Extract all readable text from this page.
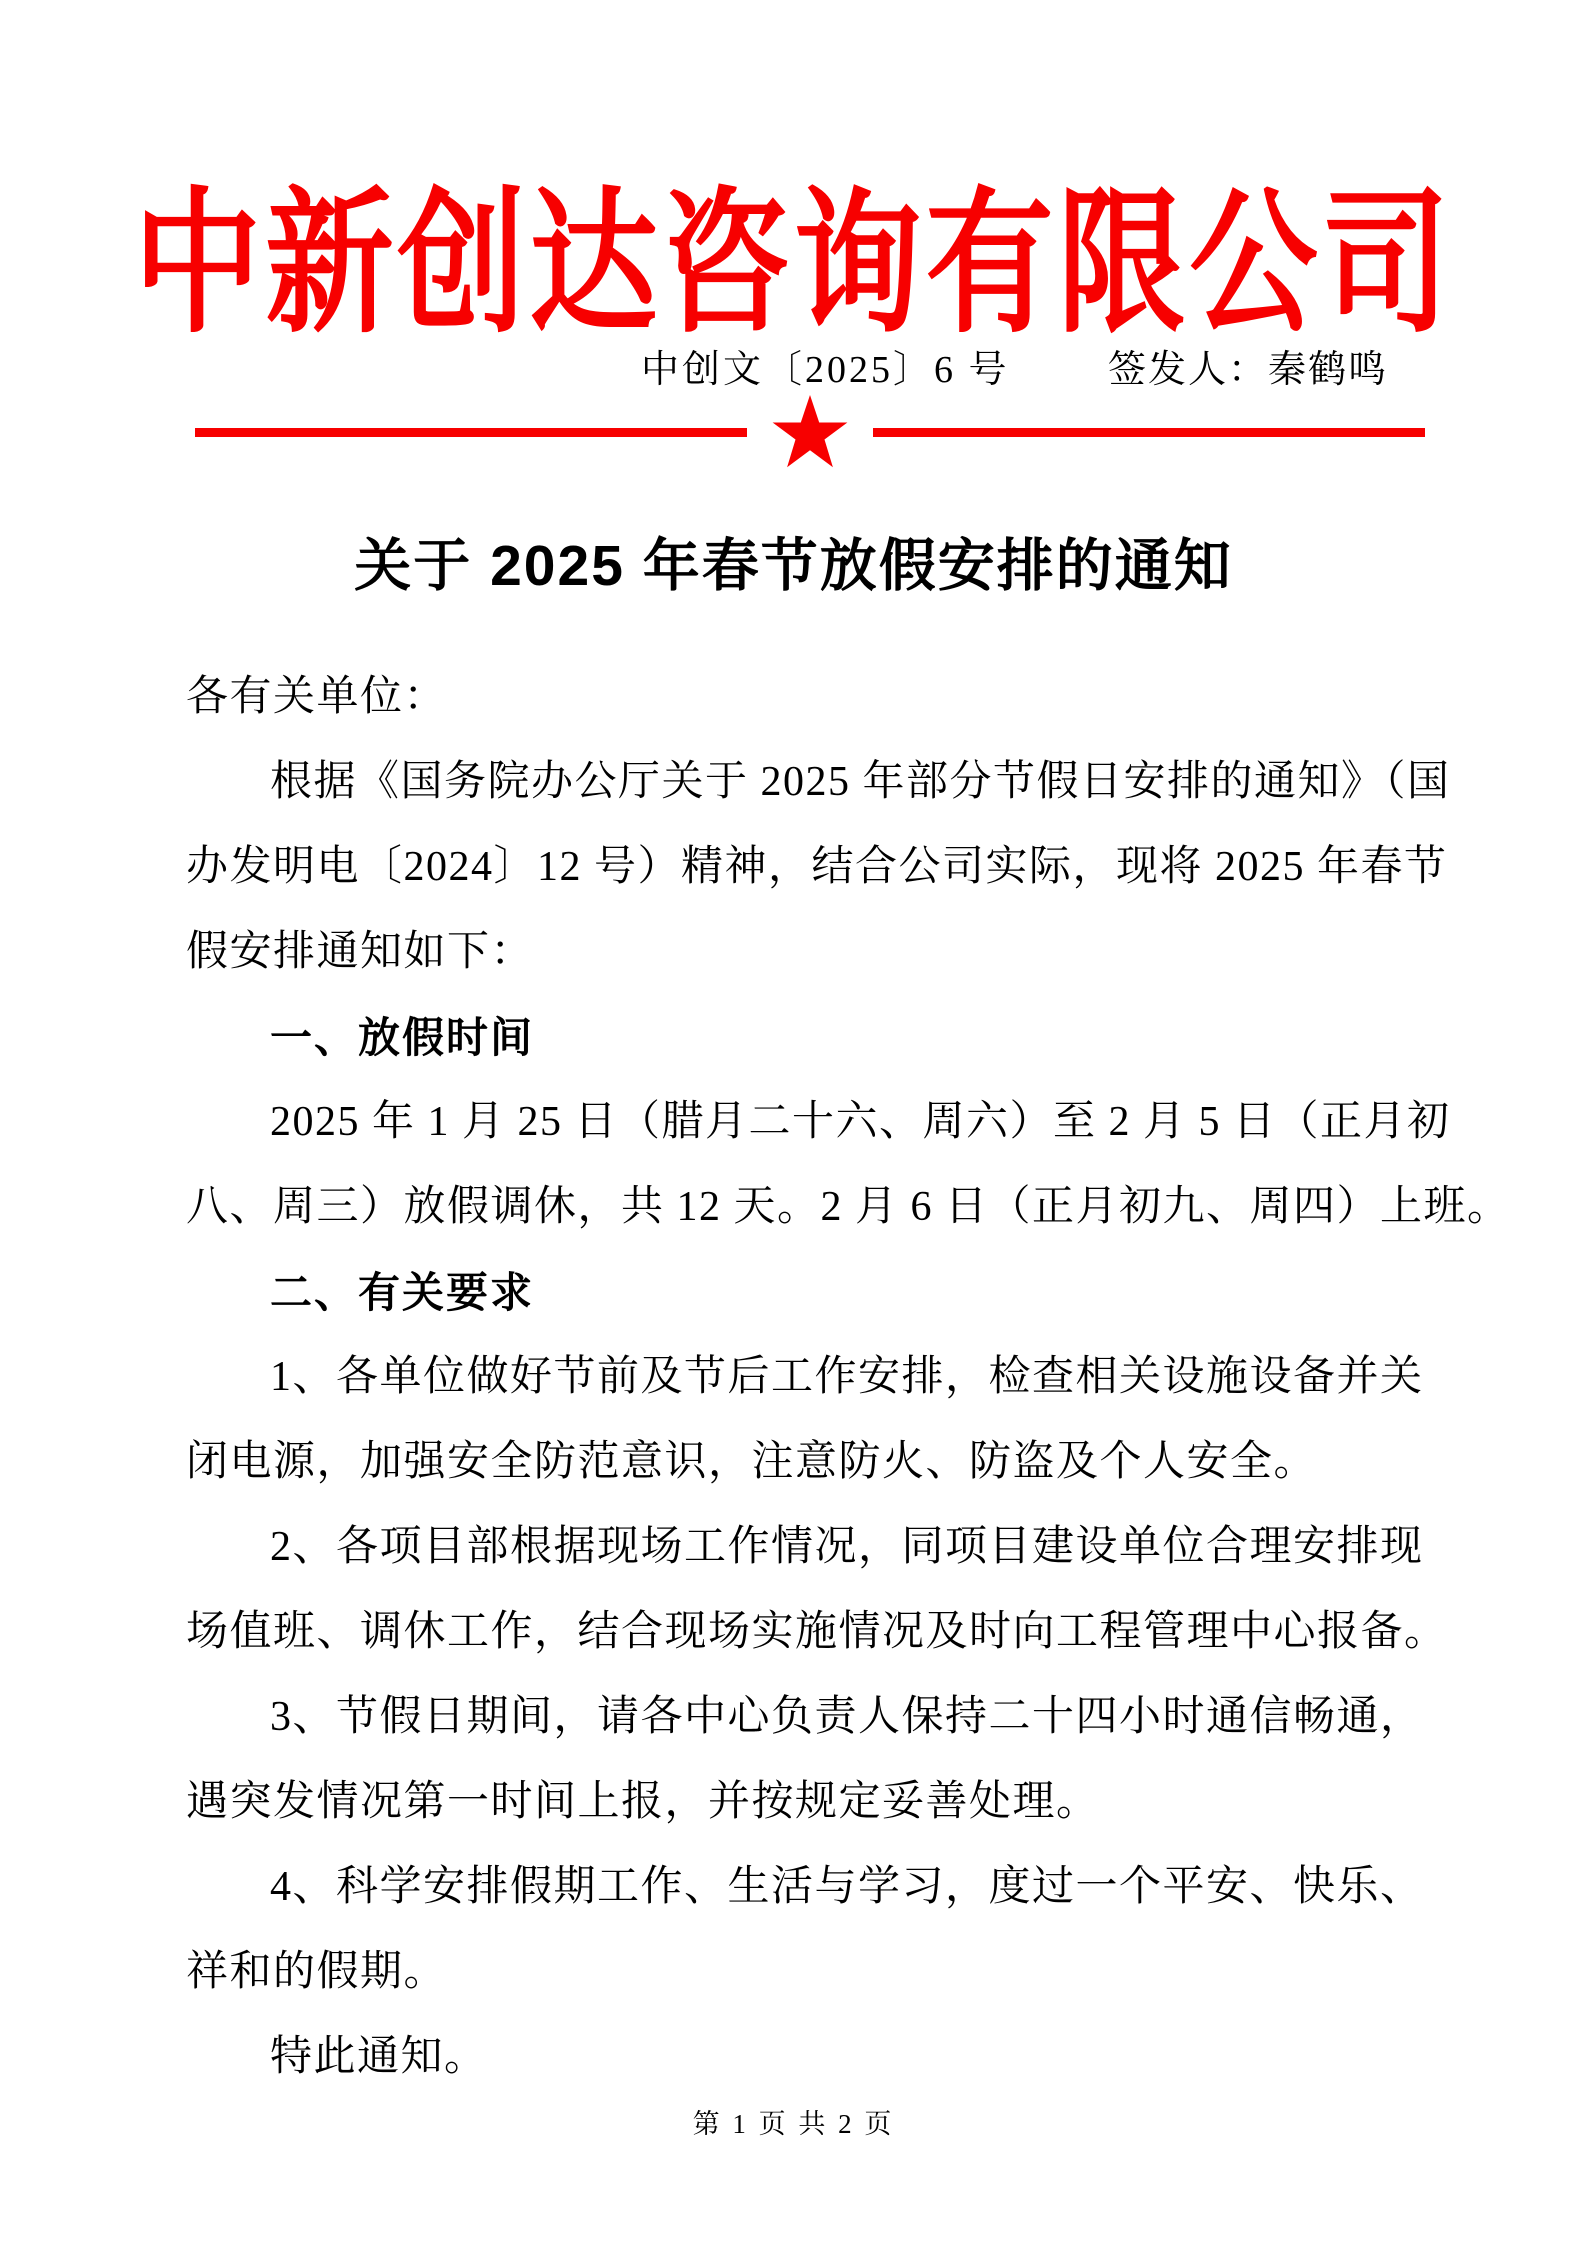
中新创达咨询有限公司
中创文〔2025〕6 号	签发人：秦鹤鸣
关于 2025 年春节放假安排的通知
各有关单位：
根据《国务院办公厅关于 2025 年部分节假日安排的通知》（国
办发明电〔2024〕12 号）精神，结合公司实际，现将 2025 年春节
假安排通知如下：
一、放假时间
2025 年 1 月 25 日（腊月二十六、周六）至 2 月 5 日（正月初
八、周三）放假调休，共 12 天。2 月 6 日（正月初九、周四）上班。
二、有关要求
1、各单位做好节前及节后工作安排，检查相关设施设备并关
闭电源，加强安全防范意识，注意防火、防盗及个人安全。
2、各项目部根据现场工作情况，同项目建设单位合理安排现
场值班、调休工作，结合现场实施情况及时向工程管理中心报备。
3、节假日期间，请各中心负责人保持二十四小时通信畅通，
遇突发情况第一时间上报，并按规定妥善处理。
4、科学安排假期工作、生活与学习，度过一个平安、快乐、
祥和的假期。
特此通知。
第 1 页 共 2 页
